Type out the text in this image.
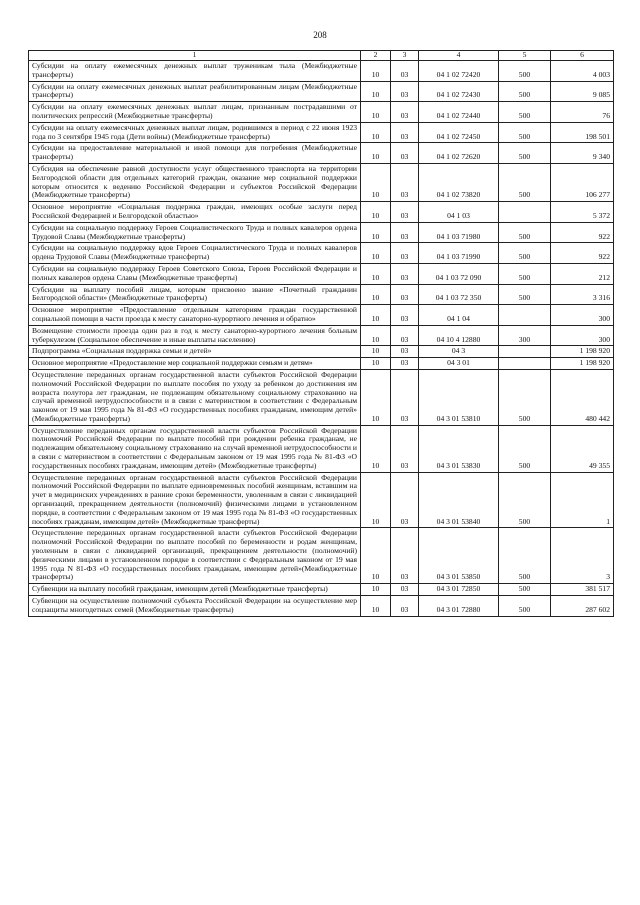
208
1	2	3	4	5	6
Субсидии на оплату ежемесячных денежных выплат труженикам тыла (Межбюджетные трансферты)	10	03	04 1 02 72420	500	4 003
Субсидии на оплату ежемесячных денежных выплат реабилитированным лицам (Межбюджетные трансферты)	10	03	04 1 02 72430	500	9 085
Субсидии на оплату ежемесячных денежных выплат лицам, признанным пострадавшими от политических репрессий (Межбюджетные трансферты)	10	03	04 1 02 72440	500	76
Субсидии на оплату ежемесячных денежных выплат лицам, родившимся в период с 22 июня 1923 года по 3 сентября 1945 года (Дети войны) (Межбюджетные трансферты)	10	03	04 1 02 72450	500	198 501
Субсидии на предоставление материальной и иной помощи для погребения (Межбюджетные трансферты)	10	03	04 1 02 72620	500	9 340
Субсидия на обеспечение равной доступности услуг общественного транспорта на территории Белгородской области для отдельных категорий граждан, оказание мер социальной поддержки которым относится к ведению Российской Федерации и субъектов Российской Федерации (Межбюджетные трансферты)	10	03	04 1 02 73820	500	106 277
Основное мероприятие «Социальная поддержка граждан, имеющих особые заслуги перед Российской Федерацией и Белгородской областью»	10	03	04 1 03		5 372
Субсидии на социальную поддержку Героев Социалистического Труда и полных кавалеров ордена Трудовой Славы (Межбюджетные трансферты)	10	03	04 1 03 71980	500	922
Субсидии на социальную поддержку вдов Героев Социалистического Труда и полных кавалеров ордена Трудовой Славы (Межбюджетные трансферты)	10	03	04 1 03 71990	500	922
Субсидии на социальную поддержку Героев Советского Союза, Героев Российской Федерации и полных кавалеров ордена Славы (Межбюджетные трансферты)	10	03	04 1 03 72 090	500	212
Субсидии на выплату пособий лицам, которым присвоено звание «Почетный гражданин Белгородской области» (Межбюджетные трансферты)	10	03	04 1 03 72 350	500	3 316
Основное мероприятие «Предоставление отдельным категориям граждан государственной социальной помощи в части проезда к месту санаторно-курортного лечения и обратно»	10	03	04 1 04		300
Возмещение стоимости проезда один раз в год к месту санаторно-курортного лечения больным туберкулезом (Социальное обеспечение и иные выплаты населению)	10	03	04 10 4 12880	300	300
Подпрограмма «Социальная поддержка семьи и детей»	10	03	04 3		1 198 920
Основное мероприятие «Предоставление мер социальной поддержки семьям и детям»	10	03	04 3 01		1 198 920
Осуществление переданных органам государственной власти субъектов Российской Федерации полномочий Российской Федерации по выплате пособия по уходу за ребенком до достижения им возраста полутора лет гражданам, не подлежащим обязательному социальному страхованию на случай временной нетрудоспособности и в связи с материнством в соответствии с Федеральным законом от 19 мая 1995 года № 81-ФЗ «О государственных пособиях гражданам, имеющим детей» (Межбюджетные трансферты)	10	03	04 3 01 53810	500	480 442
Осуществление переданных органам государственной власти субъектов Российской Федерации полномочий Российской Федерации по выплате пособий при рождении ребенка гражданам, не подлежащим обязательному социальному страхованию на случай временной нетрудоспособности и в связи с материнством в соответствии с Федеральным законом от 19 мая 1995 года № 81-ФЗ «О государственных пособиях гражданам, имеющим детей» (Межбюджетные трансферты)	10	03	04 3 01 53830	500	49 355
Осуществление переданных органам государственной власти субъектов Российской Федерации полномочий Российской Федерации по выплате единовременных пособий женщинам, вставшим на учет в медицинских учреждениях в ранние сроки беременности, уволенным в связи с ликвидацией организаций, прекращением деятельности (полномочий) физическими лицами в установленном порядке, в соответствии с Федеральным законом от 19 мая 1995 года № 81-ФЗ «О государственных пособиях гражданам, имеющим детей» (Межбюджетные трансферты)	10	03	04 3 01 53840	500	1
Осуществление переданных органам государственной власти субъектов Российской Федерации полномочий Российской Федерации по выплате пособий по беременности и родам женщинам, уволенным в связи с ликвидацией организаций, прекращением деятельности (полномочий) физическими лицами в установленном порядке в соответствии с Федеральным законом от 19 мая 1995 года N 81-ФЗ «О государственных пособиях гражданам, имеющим детей»(Межбюджетные трансферты)	10	03	04 3 01 53850	500	3
Субвенции на выплату пособий гражданам, имеющим детей (Межбюджетные трансферты)	10	03	04 3 01 72850	500	381 517
Субвенции на осуществление полномочий субъекта Российской Федерации на осуществление мер соцзащиты многодетных семей (Межбюджетные трансферты)	10	03	04 3 01 72880	500	287 602
